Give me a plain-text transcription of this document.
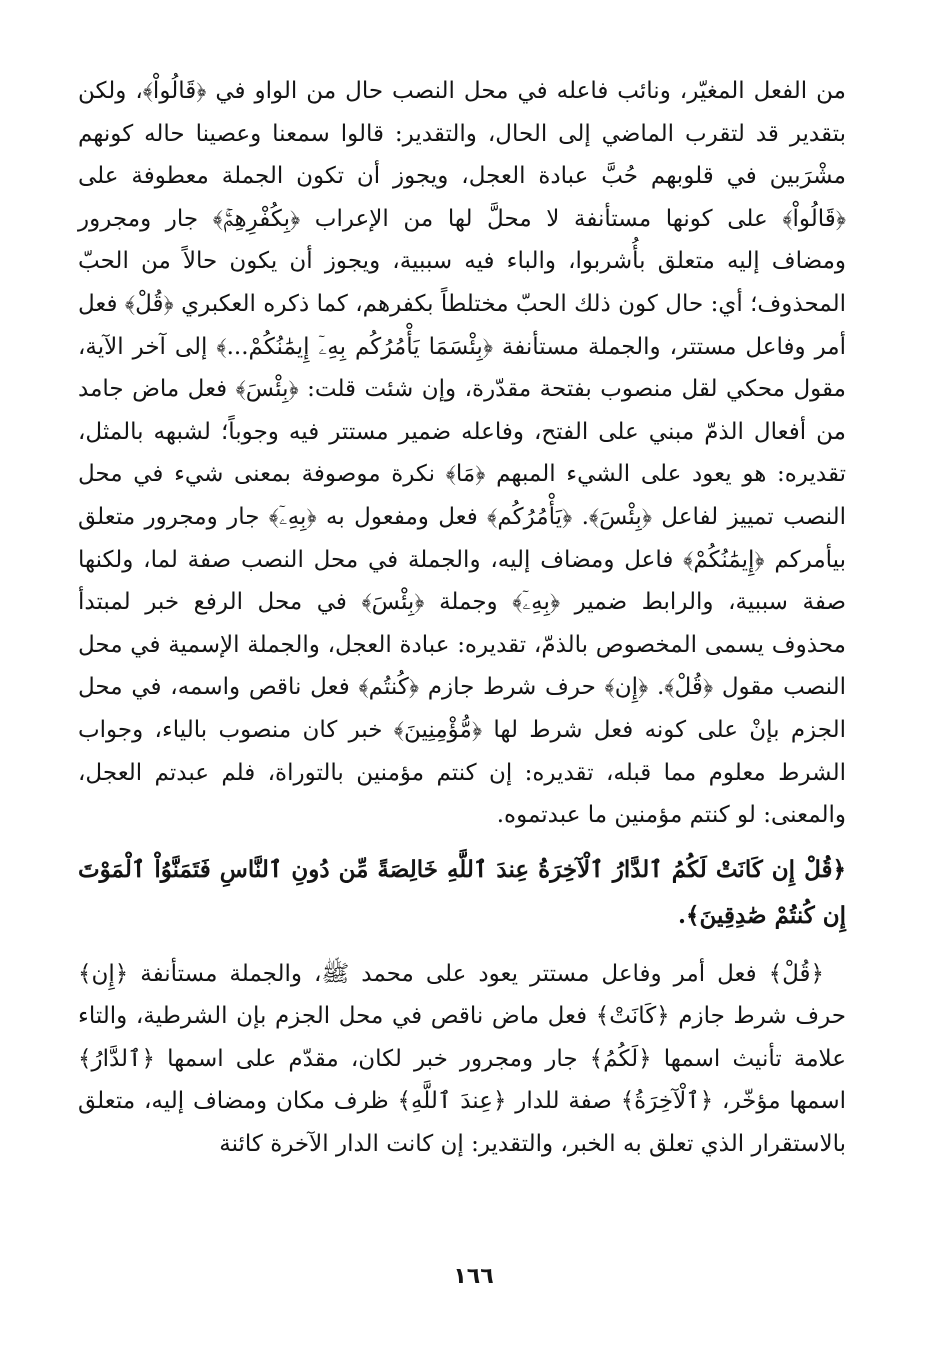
من الفعل المغيّر، ونائب فاعله في محل النصب حال من الواو في ﴿قَالُواْ﴾، ولكن بتقدير قد لتقرب الماضي إلى الحال، والتقدير: قالوا سمعنا وعصينا حاله كونهم مشْرَبين في قلوبهم حُبَّ عبادة العجل، ويجوز أن تكون الجملة معطوفة على ﴿قَالُواْ﴾ على كونها مستأنفة لا محلَّ لها من الإعراب ﴿بِكُفْرِهِمْۚ﴾ جار ومجرور ومضاف إليه متعلق بأُشربوا، والباء فيه سببية، ويجوز أن يكون حالاً من الحبّ المحذوف؛ أي: حال كون ذلك الحبّ مختلطاً بكفرهم، كما ذكره العكبري ﴿قُلْ﴾ فعل أمر وفاعل مستتر، والجملة مستأنفة ﴿بِئْسَمَا يَأْمُرُكُم بِهِۦٓ إِيمَٰنُكُمْ...﴾ إلى آخر الآية، مقول محكي لقل منصوب بفتحة مقدّرة، وإن شئت قلت: ﴿بِئْسَ﴾ فعل ماض جامد من أفعال الذمّ مبني على الفتح، وفاعله ضمير مستتر فيه وجوباً؛ لشبهه بالمثل، تقديره: هو يعود على الشيء المبهم ﴿مَا﴾ نكرة موصوفة بمعنى شيء في محل النصب تمييز لفاعل ﴿بِئْسَ﴾. ﴿يَأْمُرُكُم﴾ فعل ومفعول به ﴿بِهِۦٓ﴾ جار ومجرور متعلق بيأمركم ﴿إِيمَٰنُكُمْ﴾ فاعل ومضاف إليه، والجملة في محل النصب صفة لما، ولكنها صفة سببية، والرابط ضمير ﴿بِهِۦٓ﴾ وجملة ﴿بِئْسَ﴾ في محل الرفع خبر لمبتدأ محذوف يسمى المخصوص بالذمّ، تقديره: عبادة العجل، والجملة الإسمية في محل النصب مقول ﴿قُلْ﴾. ﴿إِن﴾ حرف شرط جازم ﴿كُنتُم﴾ فعل ناقص واسمه، في محل الجزم بإنْ على كونه فعل شرط لها ﴿مُّؤْمِنِينَ﴾ خبر كان منصوب بالياء، وجواب الشرط معلوم مما قبله، تقديره: إن كنتم مؤمنين بالتوراة، فلم عبدتم العجل، والمعنى: لو كنتم مؤمنين ما عبدتموه.

﴿قُلْ إِن كَانَتْ لَكُمُ ٱلدَّارُ ٱلْآخِرَةُ عِندَ ٱللَّهِ خَالِصَةً مِّن دُونِ ٱلنَّاسِ فَتَمَنَّوُاْ ٱلْمَوْتَ إِن كُنتُمْ صَٰدِقِينَ﴾.

﴿قُلْ﴾ فعل أمر وفاعل مستتر يعود على محمد ﷺ، والجملة مستأنفة ﴿إِن﴾ حرف شرط جازم ﴿كَانَتْ﴾ فعل ماض ناقص في محل الجزم بإن الشرطية، والتاء علامة تأنيث اسمها ﴿لَكُمُ﴾ جار ومجرور خبر لكان، مقدّم على اسمها ﴿ٱلدَّارُ﴾ اسمها مؤخّر، ﴿ٱلْآخِرَةُ﴾ صفة للدار ﴿عِندَ ٱللَّهِ﴾ ظرف مكان ومضاف إليه، متعلق بالاستقرار الذي تعلق به الخبر، والتقدير: إن كانت الدار الآخرة كائنة

١٦٦
